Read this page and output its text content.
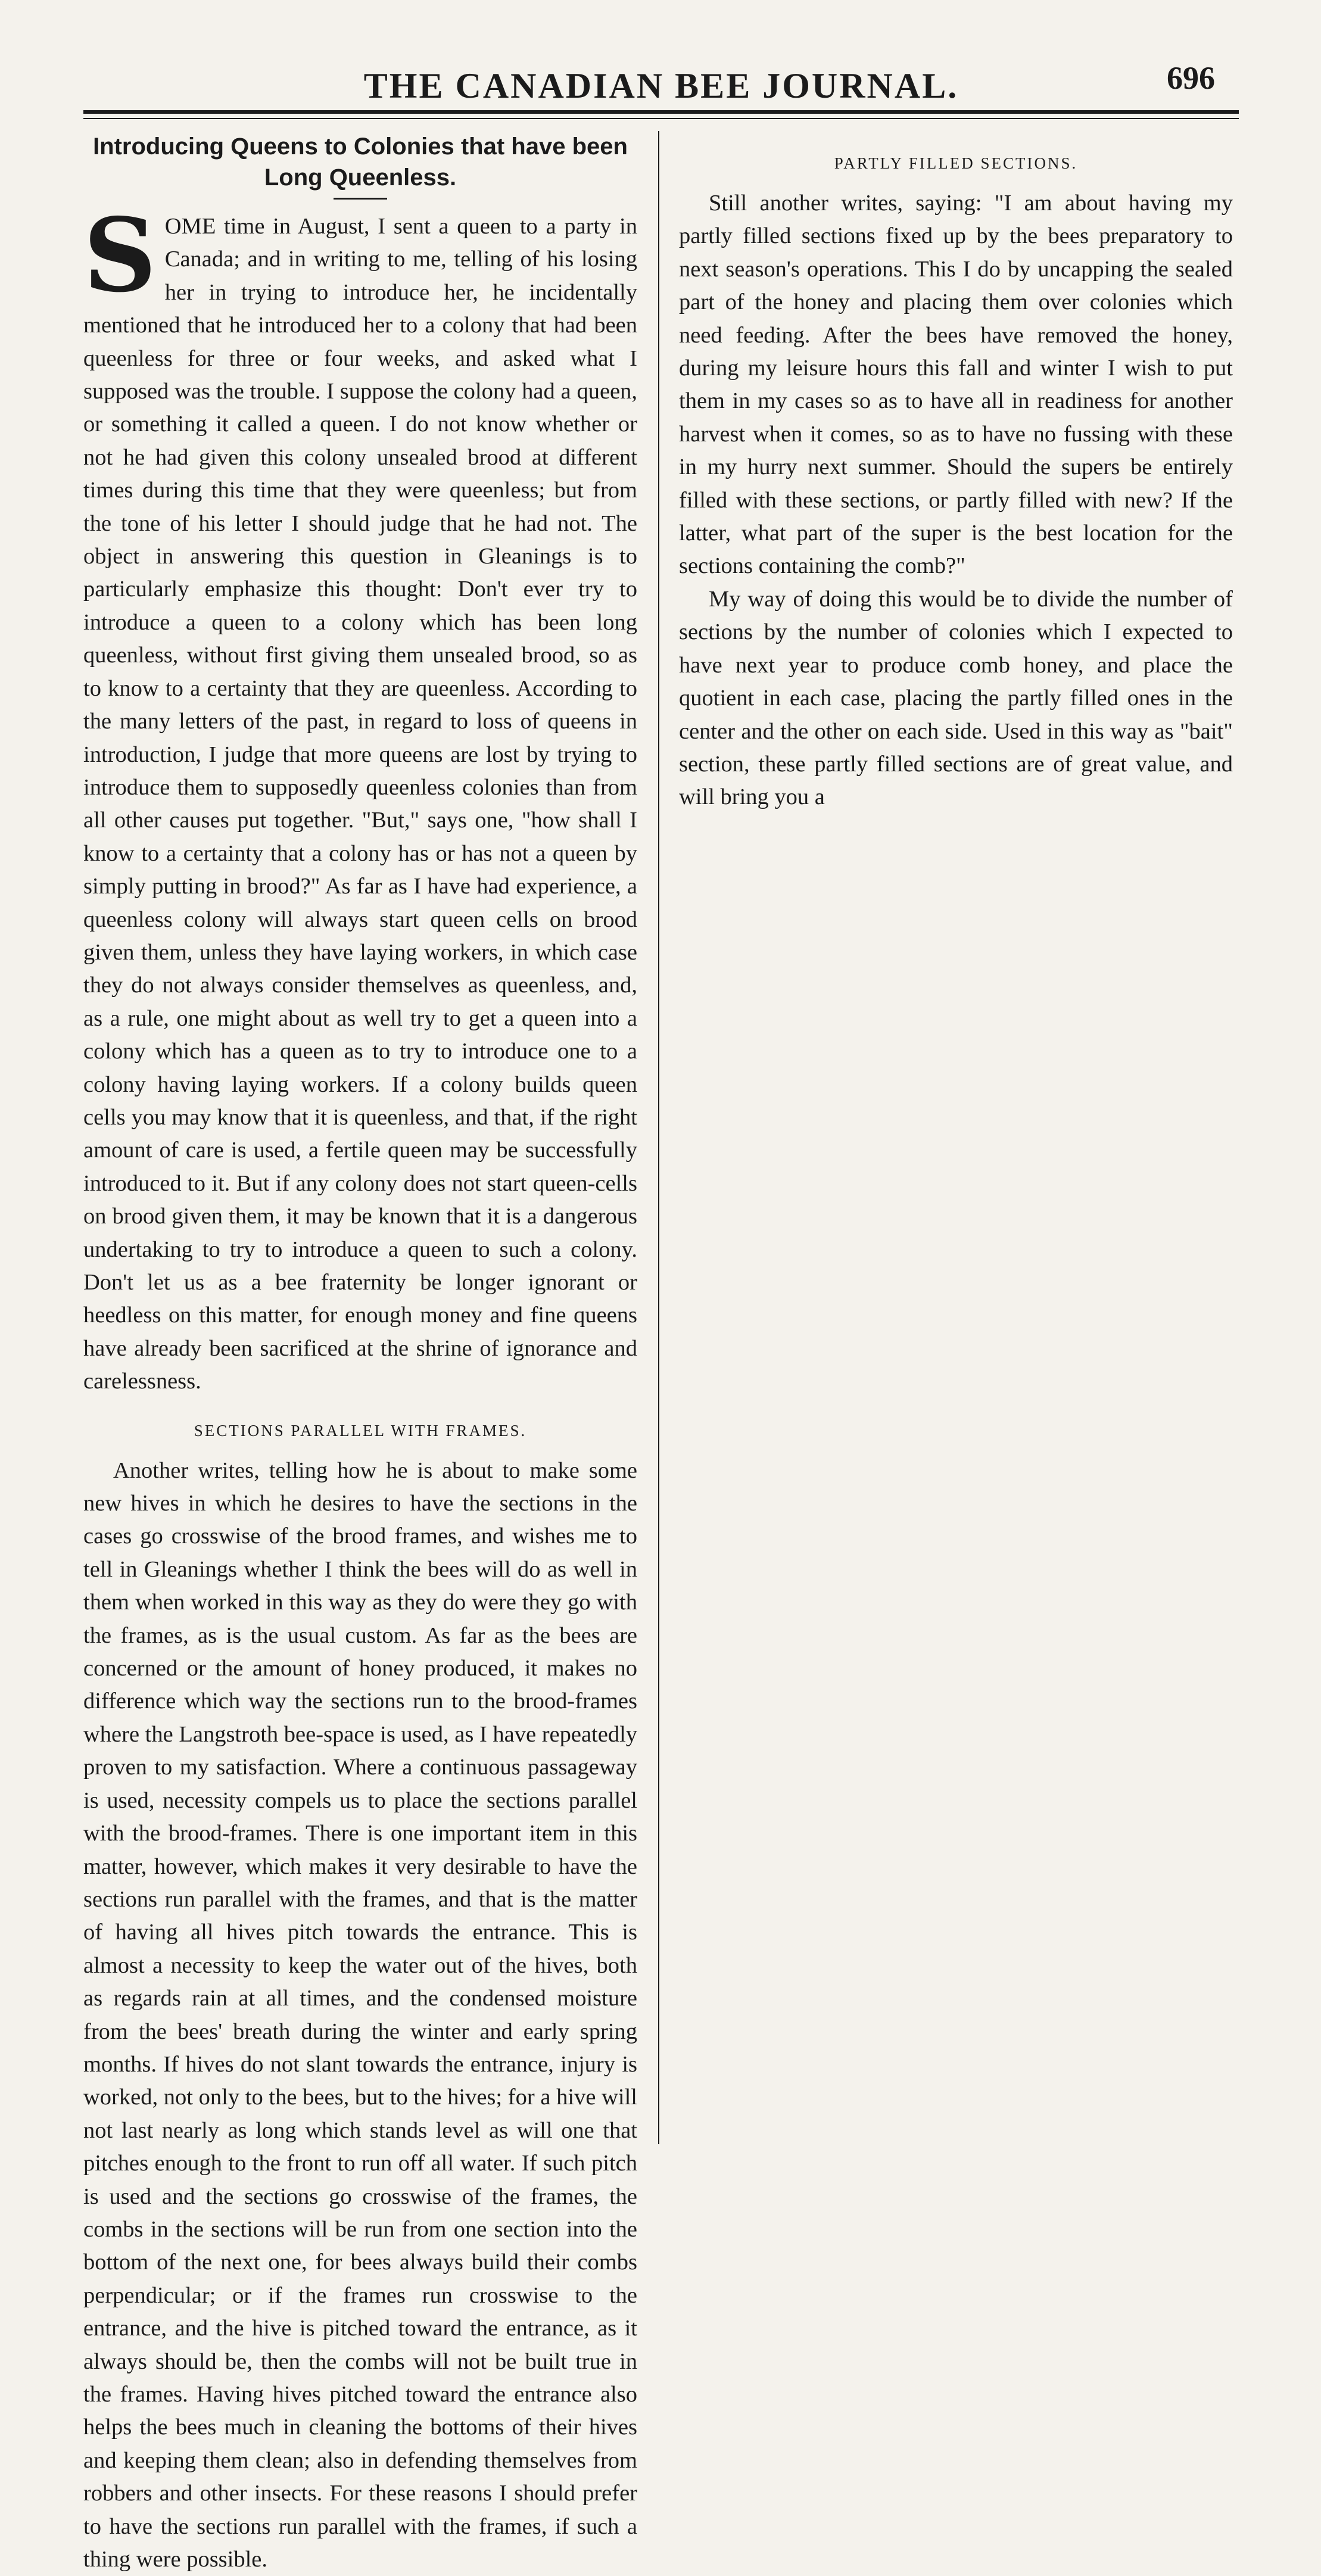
THE CANADIAN BEE JOURNAL.	696
Introducing Queens to Colonies that have been Long Queenless.

SOME time in August, I sent a queen to a party in Canada; and in writing to me, telling of his losing her in trying to introduce her, he incidentally mentioned that he introduced her to a colony that had been queenless for three or four weeks, and asked what I supposed was the trouble. I suppose the colony had a queen, or something it called a queen. I do not know whether or not he had given this colony unsealed brood at different times during this time that they were queenless; but from the tone of his letter I should judge that he had not. The object in answering this question in Gleanings is to particularly emphasize this thought: Don't ever try to introduce a queen to a colony which has been long queenless, without first giving them unsealed brood, so as to know to a certainty that they are queenless. According to the many letters of the past, in regard to loss of queens in introduction, I judge that more queens are lost by trying to introduce them to supposedly queenless colonies than from all other causes put together. "But," says one, "how shall I know to a certainty that a colony has or has not a queen by simply putting in brood?" As far as I have had experience, a queenless colony will always start queen cells on brood given them, unless they have laying workers, in which case they do not always consider themselves as queenless, and, as a rule, one might about as well try to get a queen into a colony which has a queen as to try to introduce one to a colony having laying workers. If a colony builds queen cells you may know that it is queenless, and that, if the right amount of care is used, a fertile queen may be successfully introduced to it. But if any colony does not start queen-cells on brood given them, it may be known that it is a dangerous undertaking to try to introduce a queen to such a colony. Don't let us as a bee fraternity be longer ignorant or heedless on this matter, for enough money and fine queens have already been sacrificed at the shrine of ignorance and carelessness.

SECTIONS PARALLEL WITH FRAMES.

Another writes, telling how he is about to make some new hives in which he desires to have the sections in the cases go crosswise of the brood frames, and wishes me to tell in Gleanings whether I think the bees will do as well in them when worked in this way as they do were they go with the frames, as is the usual custom. As far as the bees are concerned or the amount of honey produced, it makes no difference which way the sections run to the brood-frames where the Langstroth bee-space is used, as I have repeatedly proven to my satisfaction. Where a continuous passageway is used, necessity compels us to place the sections parallel with the brood-frames. There is one important item in this matter, however, which makes it very desirable to have the sections run parallel with the frames, and that is the matter of having all hives pitch towards the entrance. This is almost a necessity to keep the water out of the hives, both as regards rain at all times, and the condensed moisture from the bees' breath during the winter and early spring months. If hives do not slant towards the entrance, injury is worked, not only to the bees, but to the hives; for a hive will not last nearly as long which stands level as will one that pitches enough to the front to run off all water. If such pitch is used and the sections go crosswise of the frames, the combs in the sections will be run from one section into the bottom of the next one, for bees always build their combs perpendicular; or if the frames run crosswise to the entrance, and the hive is pitched toward the entrance, as it always should be, then the combs will not be built true in the frames. Having hives pitched toward the entrance also helps the bees much in cleaning the bottoms of their hives and keeping them clean; also in defending themselves from robbers and other insects. For these reasons I should prefer to have the sections run parallel with the frames, if such a thing were possible.

PARTLY FILLED SECTIONS.

Still another writes, saying: "I am about having my partly filled sections fixed up by the bees preparatory to next season's operations. This I do by uncapping the sealed part of the honey and placing them over colonies which need feeding. After the bees have removed the honey, during my leisure hours this fall and winter I wish to put them in my cases so as to have all in readiness for another harvest when it comes, so as to have no fussing with these in my hurry next summer. Should the supers be entirely filled with these sections, or partly filled with new? If the latter, what part of the super is the best location for the sections containing the comb?"

My way of doing this would be to divide the number of sections by the number of colonies which I expected to have next year to produce comb honey, and place the quotient in each case, placing the partly filled ones in the center and the other on each side. Used in this way as "bait" section, these partly filled sections are of great value, and will bring you a
